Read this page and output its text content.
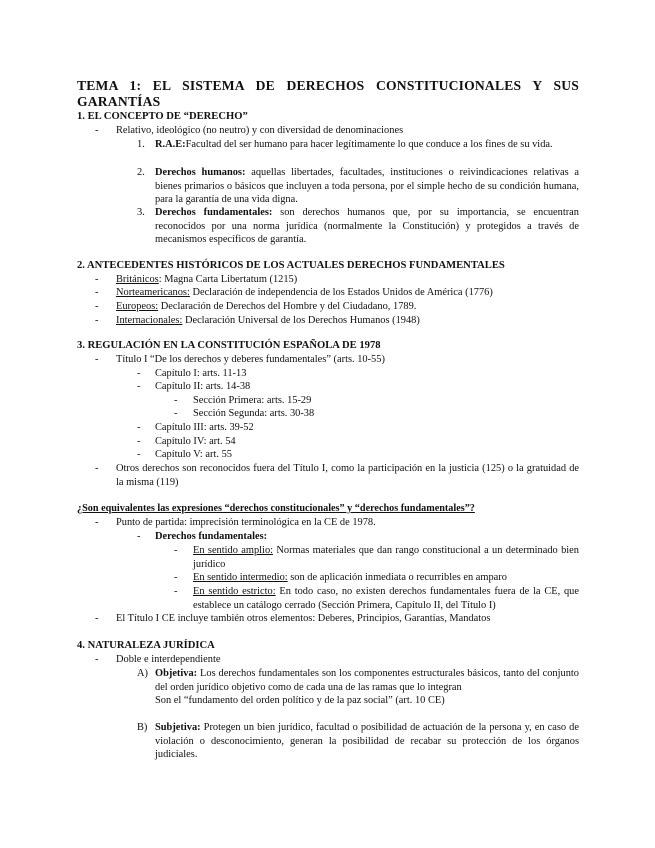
TEMA 1: EL SISTEMA DE DERECHOS CONSTITUCIONALES Y SUS GARANTÍAS
1. EL CONCEPTO DE “DERECHO”
- Relativo, ideológico (no neutro) y con diversidad de denominaciones
1. R.A.E:Facultad del ser humano para hacer legítimamente lo que conduce a los fines de su vida.
2. Derechos humanos: aquellas libertades, facultades, instituciones o reivindicaciones relativas a bienes primarios o básicos que incluyen a toda persona, por el simple hecho de su condición humana, para la garantía de una vida digna.
3. Derechos fundamentales: son derechos humanos que, por su importancia, se encuentran reconocidos por una norma jurídica (normalmente la Constitución) y protegidos a través de mecanismos específicos de garantía.
2. ANTECEDENTES HISTÓRICOS DE LOS ACTUALES DERECHOS FUNDAMENTALES
- Británicos: Magna Carta Libertatum (1215)
- Norteamericanos: Declaración de independencia de los Estados Unidos de América (1776)
- Europeos: Declaración de Derechos del Hombre y del Ciudadano, 1789.
- Internacionales: Declaración Universal de los Derechos Humanos (1948)
3. REGULACIÓN EN LA CONSTITUCIÓN ESPAÑOLA DE 1978
- Título I “De los derechos y deberes fundamentales” (arts. 10-55)
- Capítulo I: arts. 11-13
- Capítulo II: arts. 14-38
- Sección Primera: arts. 15-29
- Sección Segunda: arts. 30-38
- Capítulo III: arts. 39-52
- Capítulo IV: art. 54
- Capítulo V: art. 55
- Otros derechos son reconocidos fuera del Título I, como la participación en la justicia (125) o la gratuidad de la misma (119)
¿Son equivalentes las expresiones “derechos constitucionales” y “derechos fundamentales”?
- Punto de partida: imprecisión terminológica en la CE de 1978.
- Derechos fundamentales:
- En sentido amplio: Normas materiales que dan rango constitucional a un determinado bien jurídico
- En sentido intermedio: son de aplicación inmediata o recurribles en amparo
- En sentido estricto: En todo caso, no existen derechos fundamentales fuera de la CE, que establece un catálogo cerrado (Sección Primera, Capítulo II, del Título I)
- El Título I CE incluye también otros elementos: Deberes, Principios, Garantías, Mandatos
4. NATURALEZA JURÍDICA
- Doble e interdependiente
A) Objetiva: Los derechos fundamentales son los componentes estructurales básicos, tanto del conjunto del orden jurídico objetivo como de cada una de las ramas que lo integran
Son el “fundamento del orden político y de la paz social” (art. 10 CE)
B) Subjetiva: Protegen un bien jurídico, facultad o posibilidad de actuación de la persona y, en caso de violación o desconocimiento, generan la posibilidad de recabar su protección de los órganos judiciales.
